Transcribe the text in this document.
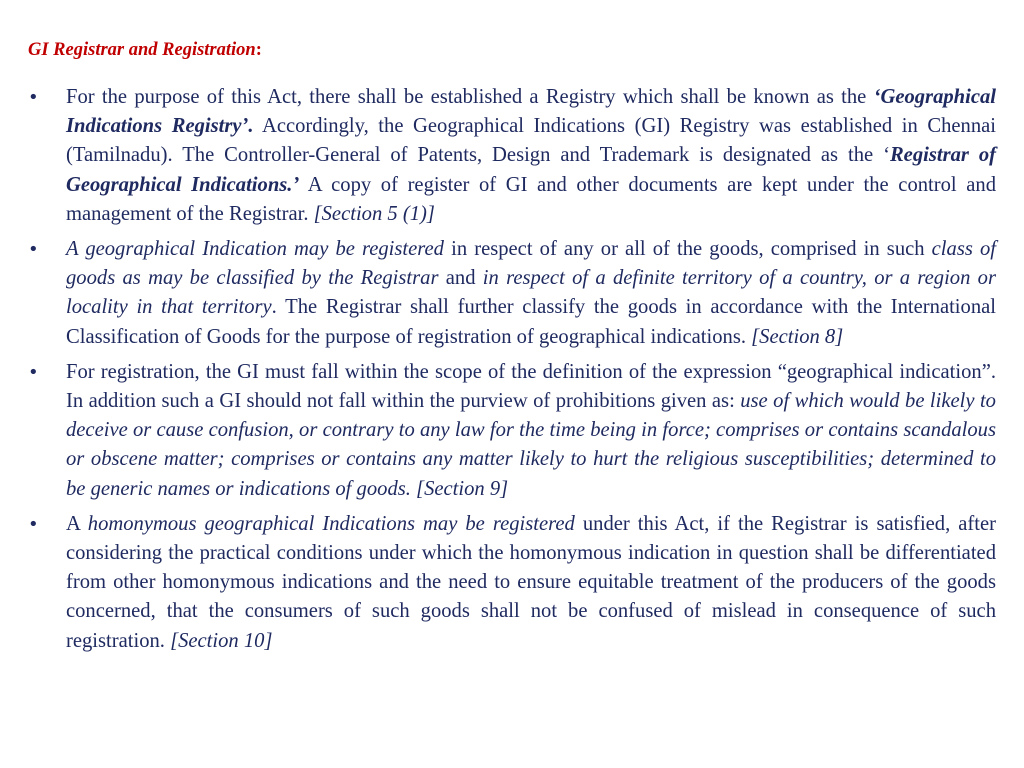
GI Registrar and Registration:
• For the purpose of this Act, there shall be established a Registry which shall be known as the ‘Geographical Indications Registry’. Accordingly, the Geographical Indications (GI) Registry was established in Chennai (Tamilnadu). The Controller-General of Patents, Design and Trademark is designated as the ‘Registrar of Geographical Indications.’ A copy of register of GI and other documents are kept under the control and management of the Registrar. [Section 5 (1)]
• A geographical Indication may be registered in respect of any or all of the goods, comprised in such class of goods as may be classified by the Registrar and in respect of a definite territory of a country, or a region or locality in that territory. The Registrar shall further classify the goods in accordance with the International Classification of Goods for the purpose of registration of geographical indications. [Section 8]
• For registration, the GI must fall within the scope of the definition of the expression “geographical indication”. In addition such a GI should not fall within the purview of prohibitions given as: use of which would be likely to deceive or cause confusion, or contrary to any law for the time being in force; comprises or contains scandalous or obscene matter; comprises or contains any matter likely to hurt the religious susceptibilities; determined to be generic names or indications of goods. [Section 9]
• A homonymous geographical Indications may be registered under this Act, if the Registrar is satisfied, after considering the practical conditions under which the homonymous indication in question shall be differentiated from other homonymous indications and the need to ensure equitable treatment of the producers of the goods concerned, that the consumers of such goods shall not be confused of mislead in consequence of such registration. [Section 10]
